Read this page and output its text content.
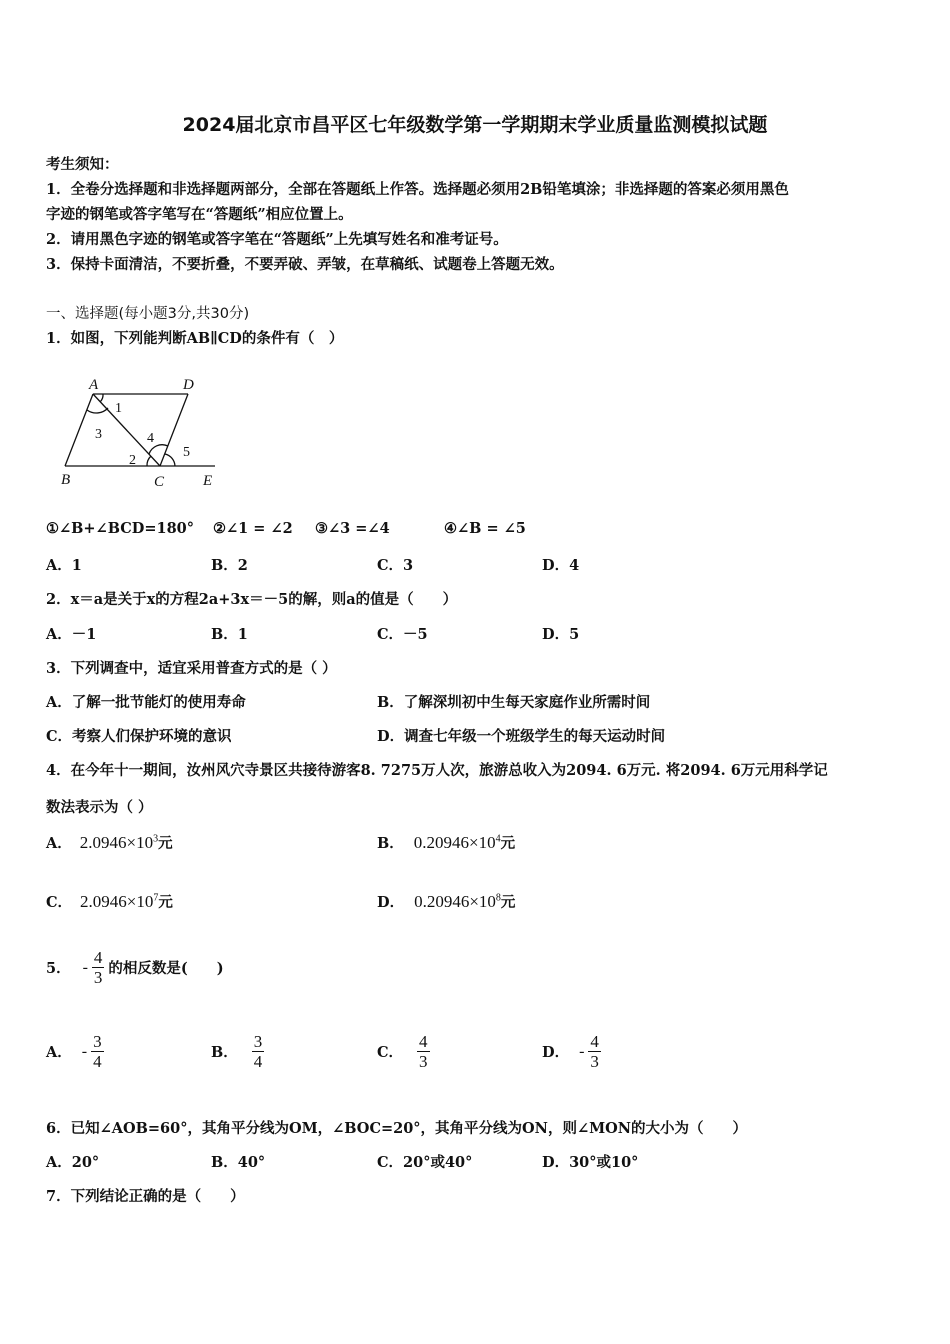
2024届北京市昌平区七年级数学第一学期期末学业质量监测模拟试题
考生须知：
1．全卷分选择题和非选择题两部分，全部在答题纸上作答。选择题必须用2B铅笔填涂；非选择题的答案必须用黑色
字迹的钢笔或答字笔写在“答题纸”相应位置上。
2．请用黑色字迹的钢笔或答字笔在“答题纸”上先填写姓名和准考证号。
3．保持卡面清洁，不要折叠，不要弄破、弄皱，在草稿纸、试题卷上答题无效。
一、选择题(每小题3分,共30分)
1．如图，下列能判断AB∥CD的条件有（　）
A	D
B	C	E
1
2
3	4
5
①∠B+∠BCD=180° ②∠1 = ∠2 ③∠3 =∠4	④∠B = ∠5
A．1	B．2	C．3	D．4
2．x＝a是关于x的方程2a+3x＝－5的解，则a的值是（　　）
A．－1	B．1	C．－5	D．5
3．下列调查中，适宜采用普查方式的是（ ）
A．了解一批节能灯的使用寿命	B．了解深圳初中生每天家庭作业所需时间
C．考察人们保护环境的意识	D．调查七年级一个班级学生的每天运动时间
4．在今年十一期间，汝州风穴寺景区共接待游客8. 7275万人次，旅游总收入为2094. 6万元. 将2094. 6万元用科学记
数法表示为（ ）
A． $2.0946\times 10^3$元	B． $0.20946\times 10^4$元
C． $2.0946\times 10^7$元	D． $0.20946\times 10^8$元
5． - $\frac{4}{3}$ 的相反数是(　　)
A． - $\frac{3}{4}$	B． $\frac{3}{4}$	C． $\frac{4}{3}$	D． - $\frac{4}{3}$
6．已知∠AOB=60°，其角平分线为OM，∠BOC=20°，其角平分线为ON，则∠MON的大小为（　　）
A．20°	B．40°	C．20°或40°	D．30°或10°
7．下列结论正确的是（　　）
